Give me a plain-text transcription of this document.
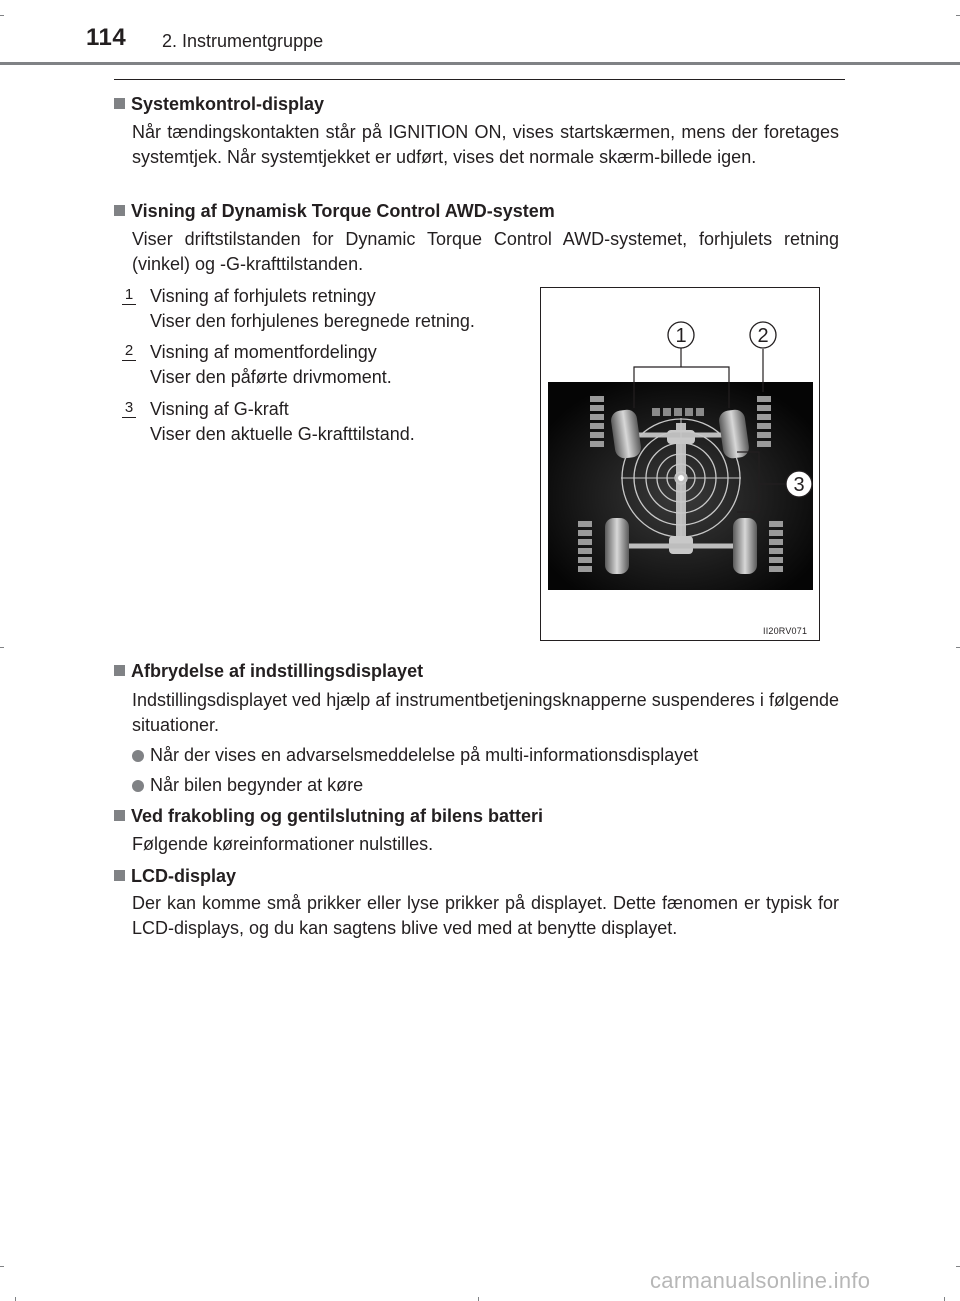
114 2. Instrumentgruppe
Systemkontrol-display
Når tændingskontakten står på IGNITION ON, vises startskærmen, mens der foretages systemtjek. Når systemtjekket er udført, vises det normale skærm-billede igen.
Visning af Dynamisk Torque Control AWD-system
Viser driftstilstanden for Dynamic Torque Control AWD-systemet, forhjulets retning (vinkel) og -G-krafttilstanden.
1 Visning af forhjulets retningy
Viser den forhjulenes beregnede retning.
2 Visning af momentfordelingy
Viser den påførte drivmoment.
3 Visning af G-kraft
Viser den aktuelle G-krafttilstand.
1	2
3
II20RV071
Afbrydelse af indstillingsdisplayet
Indstillingsdisplayet ved hjælp af instrumentbetjeningsknapperne suspenderes i følgende situationer.
Når der vises en advarselsmeddelelse på multi-informationsdisplayet
Når bilen begynder at køre
Ved frakobling og gentilslutning af bilens batteri
Følgende køreinformationer nulstilles.
LCD-display
Der kan komme små prikker eller lyse prikker på displayet. Dette fænomen er typisk for LCD-displays, og du kan sagtens blive ved med at benytte displayet.
carmanualsonline.info
